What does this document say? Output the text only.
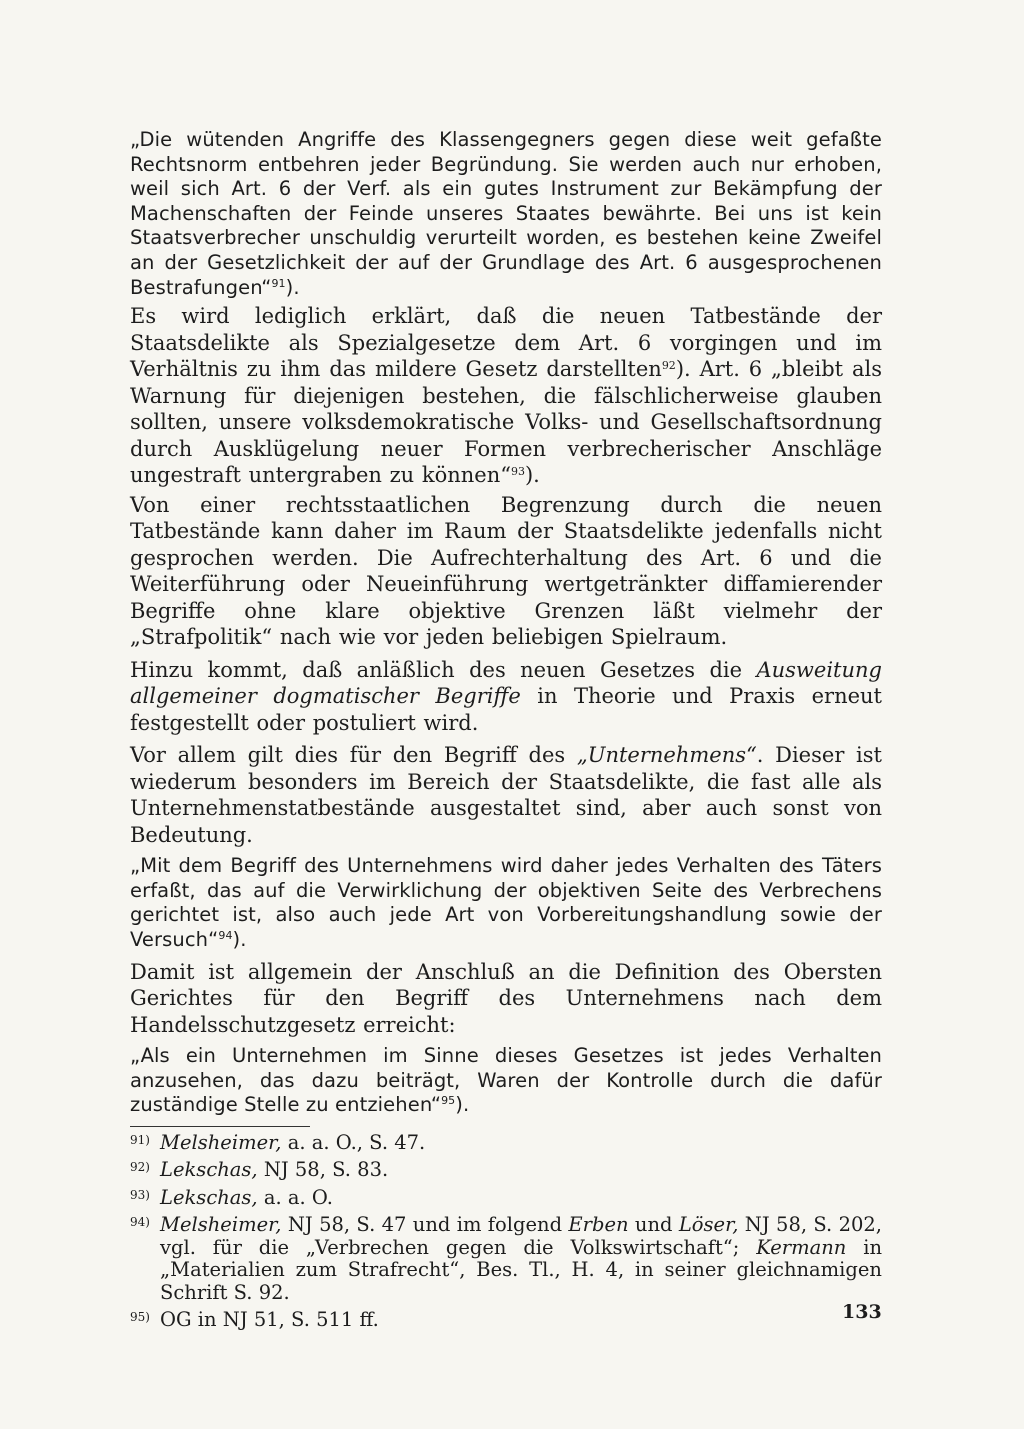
„Die wütenden Angriffe des Klassengegners gegen diese weit gefaßte Rechtsnorm entbehren jeder Begründung. Sie werden auch nur erhoben, weil sich Art. 6 der Verf. als ein gutes Instrument zur Bekämpfung der Machenschaften der Feinde unseres Staates bewährte. Bei uns ist kein Staatsverbrecher unschuldig verurteilt worden, es bestehen keine Zweifel an der Gesetzlichkeit der auf der Grundlage des Art. 6 ausgesprochenen Bestrafungen“$^{91}$).

Es wird lediglich erklärt, daß die neuen Tatbestände der Staatsdelikte als Spezialgesetze dem Art. 6 vorgingen und im Verhältnis zu ihm das mildere Gesetz darstellten$^{92}$). Art. 6 „bleibt als Warnung für diejenigen bestehen, die fälschlicherweise glauben sollten, unsere volksdemokratische Volks- und Gesellschaftsordnung durch Ausklügelung neuer Formen verbrecherischer Anschläge ungestraft untergraben zu können“$^{93}$).

Von einer rechtsstaatlichen Begrenzung durch die neuen Tatbestände kann daher im Raum der Staatsdelikte jedenfalls nicht gesprochen werden. Die Aufrechterhaltung des Art. 6 und die Weiterführung oder Neueinführung wertgetränkter diffamierender Begriffe ohne klare objektive Grenzen läßt vielmehr der „Strafpolitik“ nach wie vor jeden beliebigen Spielraum.

Hinzu kommt, daß anläßlich des neuen Gesetzes die Ausweitung allgemeiner dogmatischer Begriffe in Theorie und Praxis erneut festgestellt oder postuliert wird.

Vor allem gilt dies für den Begriff des „Unternehmens“. Dieser ist wiederum besonders im Bereich der Staatsdelikte, die fast alle als Unternehmenstatbestände ausgestaltet sind, aber auch sonst von Bedeutung.

„Mit dem Begriff des Unternehmens wird daher jedes Verhalten des Täters erfaßt, das auf die Verwirklichung der objektiven Seite des Verbrechens gerichtet ist, also auch jede Art von Vorbereitungshandlung sowie der Versuch“$^{94}$).

Damit ist allgemein der Anschluß an die Definition des Obersten Gerichtes für den Begriff des Unternehmens nach dem Handelsschutzgesetz erreicht:

„Als ein Unternehmen im Sinne dieses Gesetzes ist jedes Verhalten anzusehen, das dazu beiträgt, Waren der Kontrolle durch die dafür zuständige Stelle zu entziehen“$^{95}$).

91) Melsheimer, a. a. O., S. 47.
92) Lekschas, NJ 58, S. 83.
93) Lekschas, a. a. O.
94) Melsheimer, NJ 58, S. 47 und im folgend Erben und Löser, NJ 58, S. 202, vgl. für die „Verbrechen gegen die Volkswirtschaft“; Kermann in „Materialien zum Strafrecht“, Bes. Tl., H. 4, in seiner gleichnamigen Schrift S. 92.
95) OG in NJ 51, S. 511 ff.	133
